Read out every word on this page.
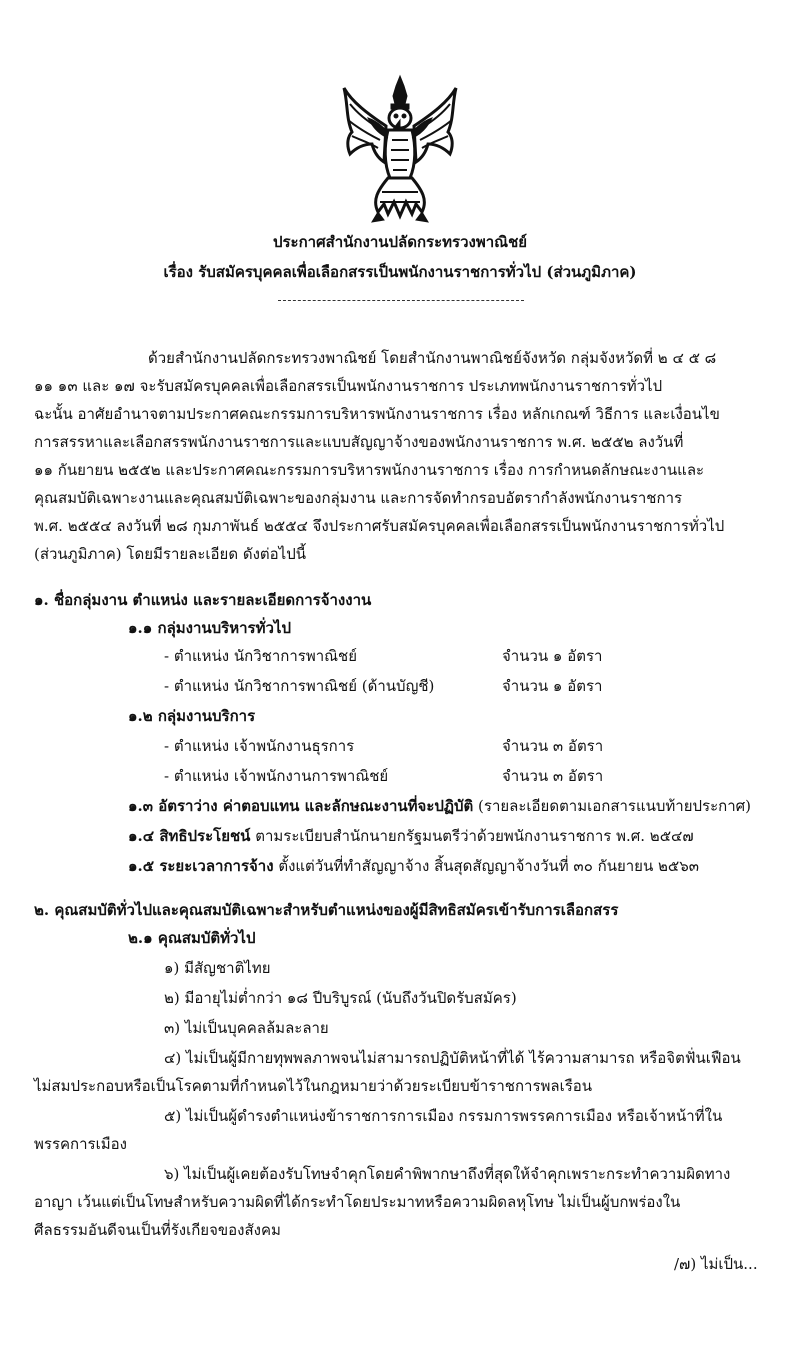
ประกาศสำนักงานปลัดกระทรวงพาณิชย์
เรื่อง รับสมัครบุคคลเพื่อเลือกสรรเป็นพนักงานราชการทั่วไป (ส่วนภูมิภาค)
ด้วยสำนักงานปลัดกระทรวงพาณิชย์ โดยสำนักงานพาณิชย์จังหวัด กลุ่มจังหวัดที่ ๒ ๔ ๕ ๘
๑๑ ๑๓ และ ๑๗ จะรับสมัครบุคคลเพื่อเลือกสรรเป็นพนักงานราชการ ประเภทพนักงานราชการทั่วไป
ฉะนั้น อาศัยอำนาจตามประกาศคณะกรรมการบริหารพนักงานราชการ เรื่อง หลักเกณฑ์ วิธีการ และเงื่อนไข
การสรรหาและเลือกสรรพนักงานราชการและแบบสัญญาจ้างของพนักงานราชการ พ.ศ. ๒๕๕๒ ลงวันที่
๑๑ กันยายน ๒๕๕๒ และประกาศคณะกรรมการบริหารพนักงานราชการ เรื่อง การกำหนดลักษณะงานและ
คุณสมบัติเฉพาะงานและคุณสมบัติเฉพาะของกลุ่มงาน และการจัดทำกรอบอัตรากำลังพนักงานราชการ
พ.ศ. ๒๕๕๔ ลงวันที่ ๒๘ กุมภาพันธ์ ๒๕๕๔ จึงประกาศรับสมัครบุคคลเพื่อเลือกสรรเป็นพนักงานราชการทั่วไป
(ส่วนภูมิภาค) โดยมีรายละเอียด ดังต่อไปนี้
๑. ชื่อกลุ่มงาน ตำแหน่ง และรายละเอียดการจ้างงาน
๑.๑ กลุ่มงานบริหารทั่วไป
- ตำแหน่ง นักวิชาการพาณิชย์	จำนวน ๑ อัตรา
- ตำแหน่ง นักวิชาการพาณิชย์ (ด้านบัญชี)	จำนวน ๑ อัตรา
๑.๒ กลุ่มงานบริการ
- ตำแหน่ง เจ้าพนักงานธุรการ	จำนวน ๓ อัตรา
- ตำแหน่ง เจ้าพนักงานการพาณิชย์	จำนวน ๓ อัตรา
๑.๓ อัตราว่าง ค่าตอบแทน และลักษณะงานที่จะปฏิบัติ (รายละเอียดตามเอกสารแนบท้ายประกาศ)
๑.๔ สิทธิประโยชน์ ตามระเบียบสำนักนายกรัฐมนตรีว่าด้วยพนักงานราชการ พ.ศ. ๒๕๔๗
๑.๕ ระยะเวลาการจ้าง ตั้งแต่วันที่ทำสัญญาจ้าง สิ้นสุดสัญญาจ้างวันที่ ๓๐ กันยายน ๒๕๖๓
๒. คุณสมบัติทั่วไปและคุณสมบัติเฉพาะสำหรับตำแหน่งของผู้มีสิทธิสมัครเข้ารับการเลือกสรร
๒.๑ คุณสมบัติทั่วไป
๑) มีสัญชาติไทย
๒) มีอายุไม่ต่ำกว่า ๑๘ ปีบริบูรณ์ (นับถึงวันปิดรับสมัคร)
๓) ไม่เป็นบุคคลล้มละลาย
๔) ไม่เป็นผู้มีกายทุพพลภาพจนไม่สามารถปฏิบัติหน้าที่ได้ ไร้ความสามารถ หรือจิตฟั่นเฟือน
ไม่สมประกอบหรือเป็นโรคตามที่กำหนดไว้ในกฎหมายว่าด้วยระเบียบข้าราชการพลเรือน
๕) ไม่เป็นผู้ดำรงตำแหน่งข้าราชการการเมือง กรรมการพรรคการเมือง หรือเจ้าหน้าที่ใน
พรรคการเมือง
๖) ไม่เป็นผู้เคยต้องรับโทษจำคุกโดยคำพิพากษาถึงที่สุดให้จำคุกเพราะกระทำความผิดทาง
อาญา เว้นแต่เป็นโทษสำหรับความผิดที่ได้กระทำโดยประมาทหรือความผิดลหุโทษ ไม่เป็นผู้บกพร่องใน
ศีลธรรมอันดีจนเป็นที่รังเกียจของสังคม
/๗) ไม่เป็น...
